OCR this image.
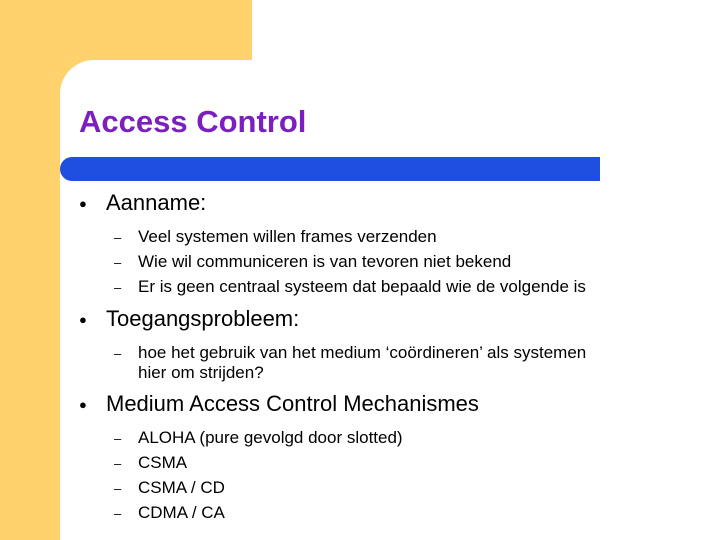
Access Control
● Aanname:
– Veel systemen willen frames verzenden
– Wie wil communiceren is van tevoren niet bekend
– Er is geen centraal systeem dat bepaald wie de volgende is
● Toegangsprobleem:
– hoe het gebruik van het medium ‘coördineren’ als systemen
hier om strijden?
● Medium Access Control Mechanismes
– ALOHA (pure gevolgd door slotted)
– CSMA
– CSMA / CD
– CDMA / CA
